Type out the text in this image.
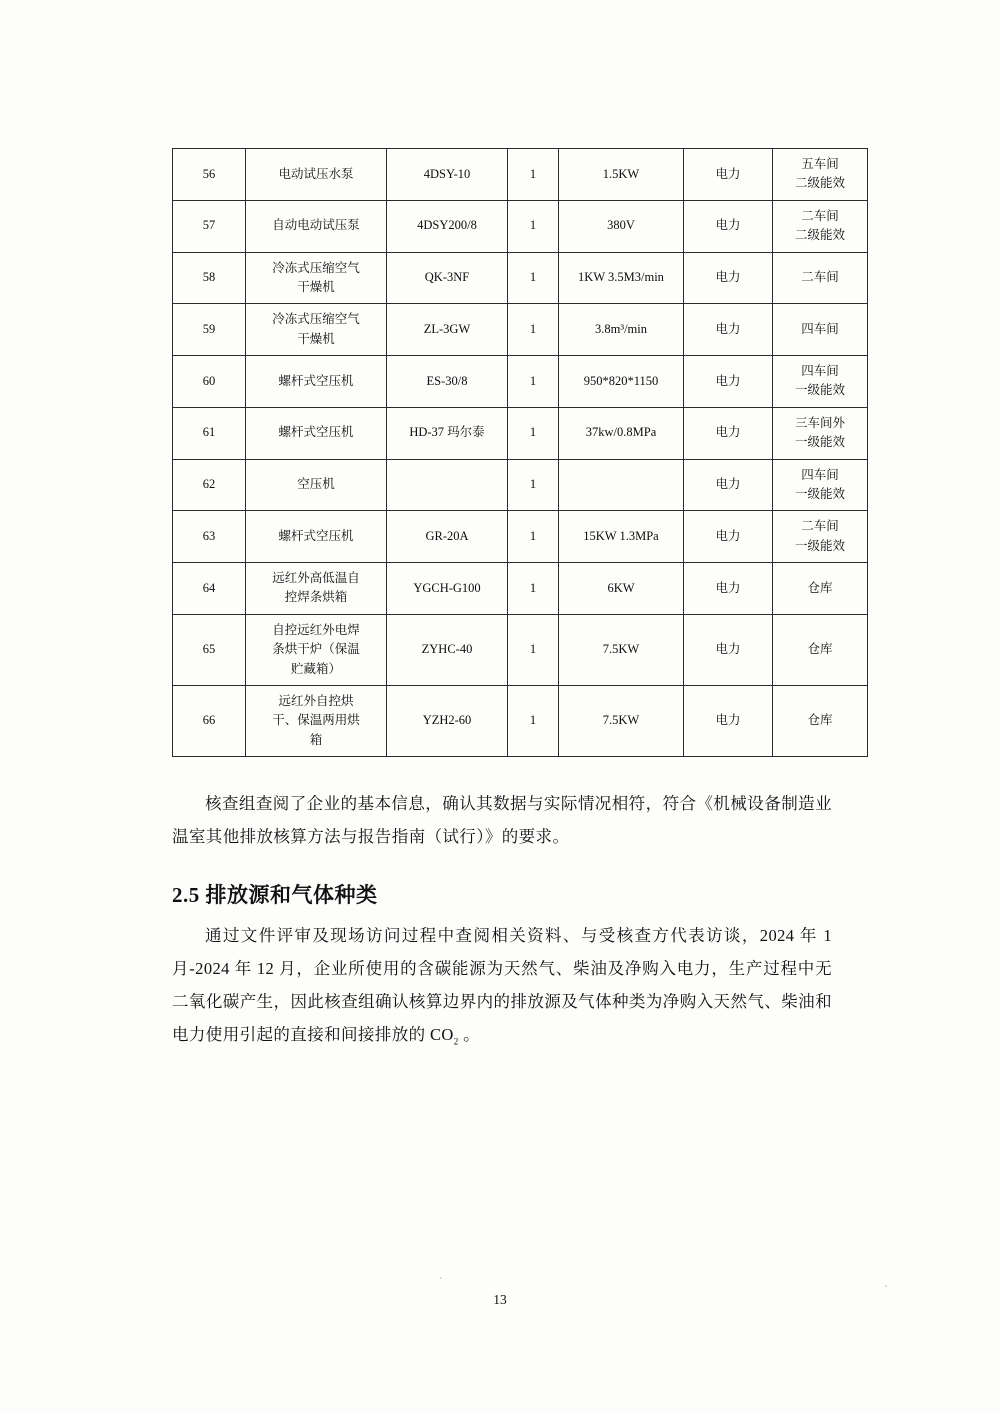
56	电动试压水泵	4DSY-10	1	1.5KW	电力	五车间
二级能效

57	自动电动试压泵	4DSY200/8	1	380V	电力	二车间
二级能效

58	冷冻式压缩空气
干燥机	QK-3NF	1	1KW 3.5M3/min	电力	二车间
59	冷冻式压缩空气
干燥机	ZL-3GW	1	3.8m³/min	电力	四车间
60	螺杆式空压机	ES-30/8	1	950*820*1150	电力	四车间
一级能效

61	螺杆式空压机	HD-37 玛尔泰	1	37kw/0.8MPa	电力	三车间外
一级能效

62	空压机		1		电力	四车间
一级能效

63	螺杆式空压机	GR-20A	1	15KW 1.3MPa	电力	二车间
一级能效

64	远红外高低温自
控焊条烘箱	YGCH-G100	1	6KW	电力	仓库
65	自控远红外电焊
条烘干炉（保温
贮藏箱）	ZYHC-40	1	7.5KW	电力	仓库
66	远红外自控烘
干、保温两用烘
箱	YZH2-60	1	7.5KW	电力	仓库

核查组查阅了企业的基本信息，确认其数据与实际情况相符，符合《机械设备制造业温室其他排放核算方法与报告指南（试行）》的要求。

2.5 排放源和气体种类

通过文件评审及现场访问过程中查阅相关资料、与受核查方代表访谈，2024 年 1 月-2024 年 12 月，企业所使用的含碳能源为天然气、柴油及净购入电力，生产过程中无二氧化碳产生，因此核查组确认核算边界内的排放源及气体种类为净购入天然气、柴油和电力使用引起的直接和间接排放的 $CO_2$ 。

13
